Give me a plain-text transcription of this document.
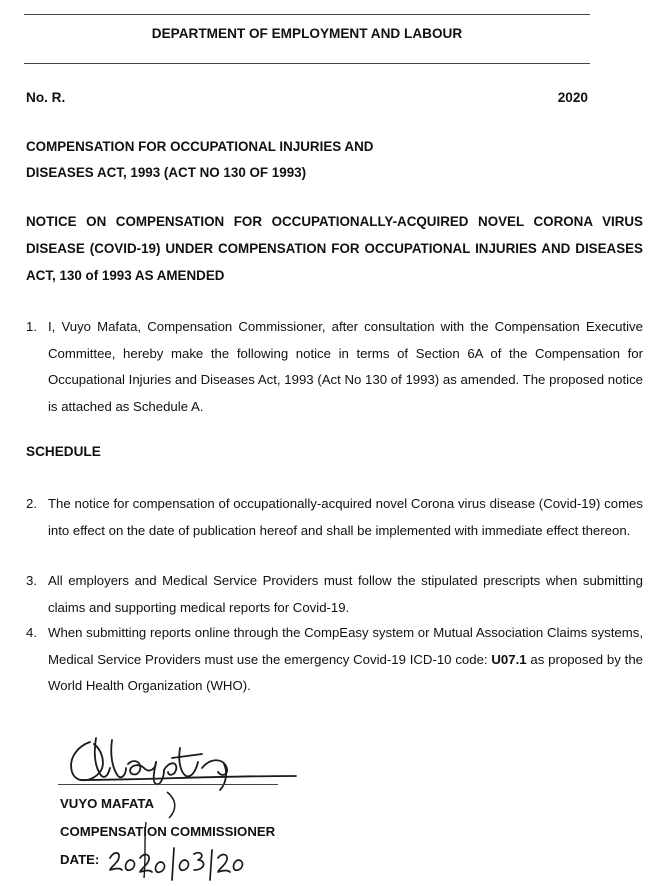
DEPARTMENT OF EMPLOYMENT AND LABOUR
No. R.	2020
COMPENSATION FOR OCCUPATIONAL INJURIES AND
DISEASES ACT, 1993 (ACT NO 130 OF 1993)
NOTICE ON COMPENSATION FOR OCCUPATIONALLY-ACQUIRED NOVEL CORONA VIRUS DISEASE (COVID-19) UNDER COMPENSATION FOR OCCUPATIONAL INJURIES AND DISEASES ACT, 130 of 1993 AS AMENDED
1. I, Vuyo Mafata, Compensation Commissioner, after consultation with the Compensation Executive Committee, hereby make the following notice in terms of Section 6A of the Compensation for Occupational Injuries and Diseases Act, 1993 (Act No 130 of 1993) as amended. The proposed notice is attached as Schedule A.
SCHEDULE
2. The notice for compensation of occupationally-acquired novel Corona virus disease (Covid-19) comes into effect on the date of publication hereof and shall be implemented with immediate effect thereon.
3. All employers and Medical Service Providers must follow the stipulated prescripts when submitting claims and supporting medical reports for Covid-19.
4. When submitting reports online through the CompEasy system or Mutual Association Claims systems, Medical Service Providers must use the emergency Covid-19 ICD-10 code: U07.1 as proposed by the World Health Organization (WHO).
VUYO MAFATA
COMPENSATION COMMISSIONER
DATE:
